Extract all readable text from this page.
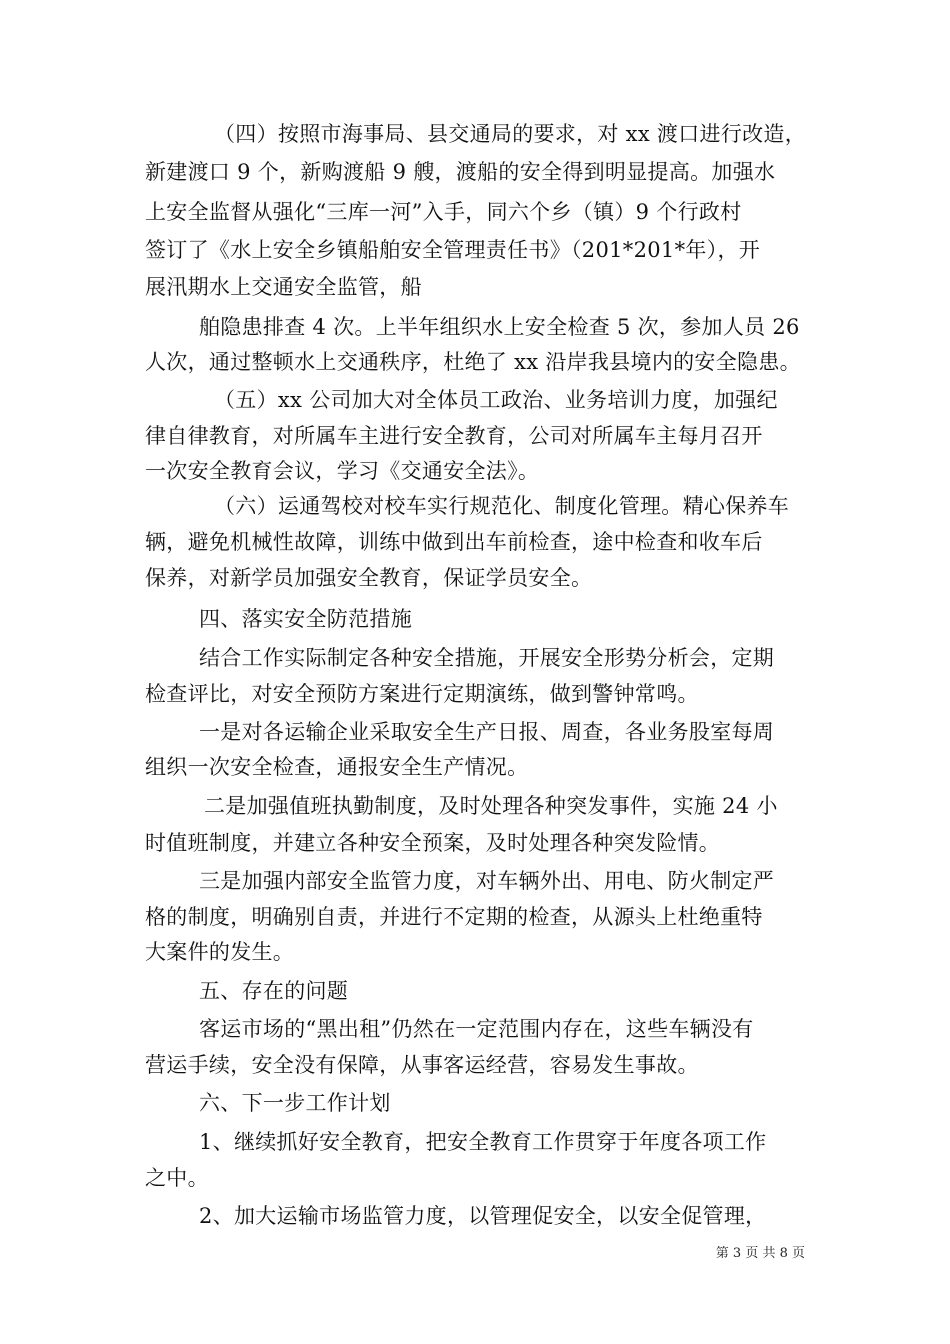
（四）按照市海事局、县交通局的要求，对 xx 渡口进行改造，
新建渡口 9 个，新购渡船 9 艘，渡船的安全得到明显提高。加强水
上安全监督从强化“三库一河”入手，同六个乡（镇）9 个行政村
签订了《水上安全乡镇船舶安全管理责任书》（201*201*年），开
展汛期水上交通安全监管，船
舶隐患排查 4 次。上半年组织水上安全检查 5 次，参加人员 26
人次，通过整顿水上交通秩序，杜绝了 xx 沿岸我县境内的安全隐患。
（五）xx 公司加大对全体员工政治、业务培训力度，加强纪
律自律教育，对所属车主进行安全教育，公司对所属车主每月召开
一次安全教育会议，学习《交通安全法》。
（六）运通驾校对校车实行规范化、制度化管理。精心保养车
辆，避免机械性故障，训练中做到出车前检查，途中检查和收车后
保养，对新学员加强安全教育，保证学员安全。
四、落实安全防范措施
结合工作实际制定各种安全措施，开展安全形势分析会，定期
检查评比，对安全预防方案进行定期演练，做到警钟常鸣。
一是对各运输企业采取安全生产日报、周查，各业务股室每周
组织一次安全检查，通报安全生产情况。
二是加强值班执勤制度，及时处理各种突发事件，实施 24 小
时值班制度，并建立各种安全预案，及时处理各种突发险情。
三是加强内部安全监管力度，对车辆外出、用电、防火制定严
格的制度，明确别自责，并进行不定期的检查，从源头上杜绝重特
大案件的发生。
五、存在的问题
客运市场的“黑出租”仍然在一定范围内存在，这些车辆没有
营运手续，安全没有保障，从事客运经营，容易发生事故。
六、下一步工作计划
1、继续抓好安全教育，把安全教育工作贯穿于年度各项工作
之中。
2、加大运输市场监管力度，以管理促安全，以安全促管理，
第 3 页 共 8 页
